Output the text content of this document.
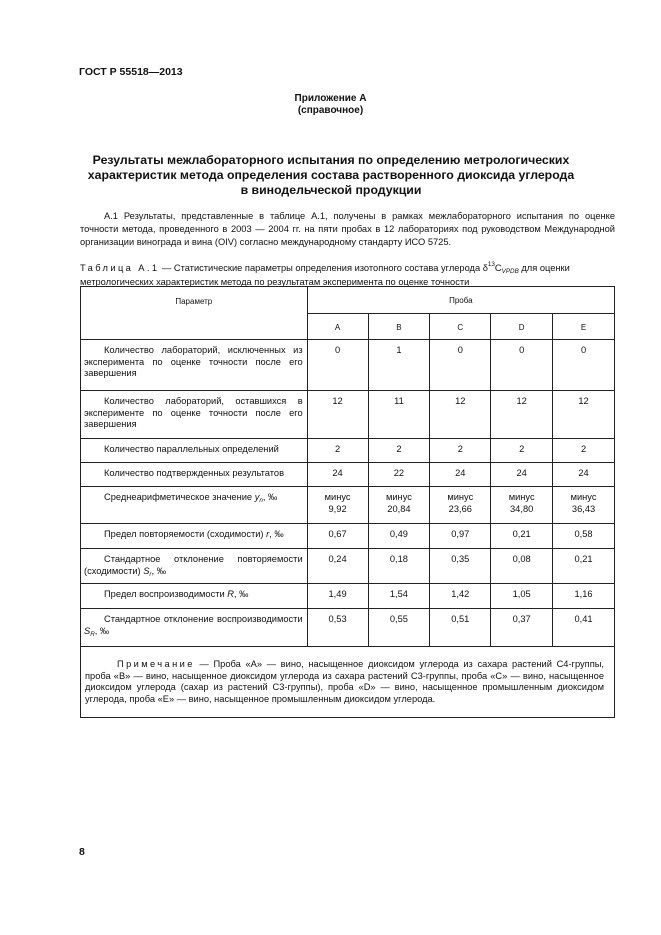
ГОСТ Р 55518—2013
Приложение А
(справочное)
Результаты межлабораторного испытания по определению метрологических
характеристик метода определения состава растворенного диоксида углерода
в винодельческой продукции
А.1 Результаты, представленные в таблице А.1, получены в рамках межлабораторного испытания по оценке точности метода, проведенного в 2003 — 2004 гг. на пяти пробах в 12 лабораториях под руководством Международной организации винограда и вина (OIV) согласно международному стандарту ИСО 5725.
Таблица А.1 — Статистические параметры определения изотопного состава углерода $\delta^{13}C_{VPDB}$ для оценки метрологических характеристик метода по результатам эксперимента по оценке точности
Параметр	Проба				
	A	B	C	D	E
Количество лабораторий, исключенных из эксперимента по оценке точности после его завершения	0	1	0	0	0
Количество лабораторий, оставшихся в эксперименте по оценке точности после его завершения	12	11	12	12	12
Количество параллельных определений	2	2	2	2	2
Количество подтвержденных результатов	24	22	24	24	24
Среднеарифметическое значение $y_n$, ‰	минус 9,92	минус 20,84	минус 23,66	минус 34,80	минус 36,43
Предел повторяемости (сходимости) r, ‰	0,67	0,49	0,97	0,21	0,58
Стандартное отклонение повторяемости (сходимости) $S_r$, ‰	0,24	0,18	0,35	0,08	0,21
Предел воспроизводимости R, ‰	1,49	1,54	1,42	1,05	1,16
Стандартное отклонение воспроизводимости $S_R$, ‰	0,53	0,55	0,51	0,37	0,41
Примечание — Проба «А» — вино, насыщенное диоксидом углерода из сахара растений С4-группы, проба «В» — вино, насыщенное диоксидом углерода из сахара растений С3-группы, проба «С» — вино, насыщенное диоксидом углерода (сахар из растений С3-группы), проба «D» — вино, насыщенное промышленным диоксидом углерода, проба «Е» — вино, насыщенное промышленным диоксидом углерода.					
8
